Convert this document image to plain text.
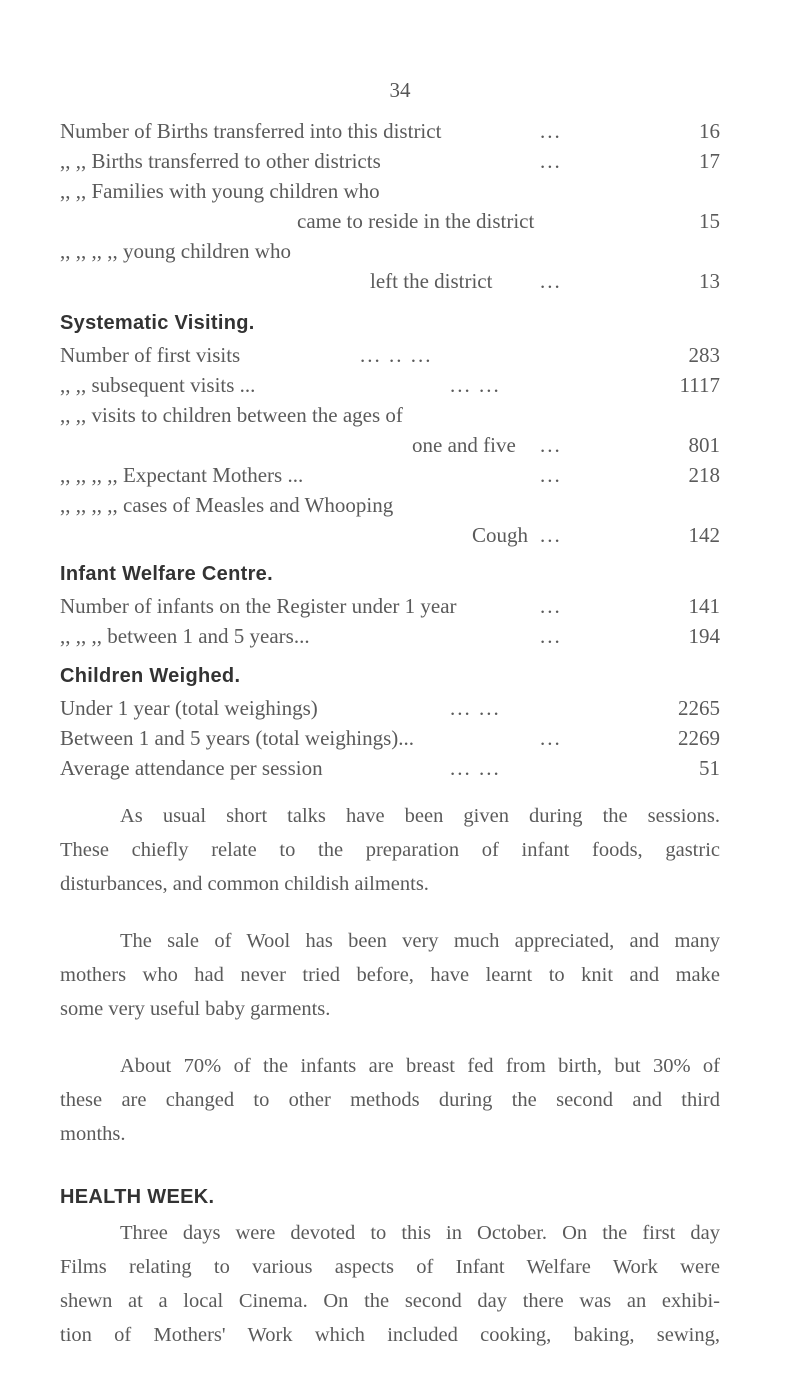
34
Number of Births transferred into this district	...	16
,, ,, Births transferred to other districts	...	17
,, ,, Families with young children who
came to reside in the district	15
,, ,, ,, ,, young children who
left the district ...	13
Systematic Visiting.
Number of first visits	... .. ...	283
,, ,, subsequent visits ...	... ...	1117
,, ,, visits to children between the ages of
one and five ...	801
,, ,, ,, ,, Expectant Mothers ...	...	218
,, ,, ,, ,, cases of Measles and Whooping
Cough ...	142
Infant Welfare Centre.
Number of infants on the Register under 1 year	...	141
,, ,, ,, between 1 and 5 years...	...	194
Children Weighed.
Under 1 year (total weighings)	... ...	2265
Between 1 and 5 years (total weighings)...	...	2269
Average attendance per session	... ...	51
As usual short talks have been given during the sessions.
These chiefly relate to the preparation of infant foods, gastric
disturbances, and common childish ailments.
The sale of Wool has been very much appreciated, and many
mothers who had never tried before, have learnt to knit and make
some very useful baby garments.
About 70% of the infants are breast fed from birth, but 30% of
these are changed to other methods during the second and third
months.
HEALTH WEEK.
Three days were devoted to this in October. On the first day
Films relating to various aspects of Infant Welfare Work were
shewn at a local Cinema. On the second day there was an exhibi-
tion of Mothers' Work which included cooking, baking, sewing,
